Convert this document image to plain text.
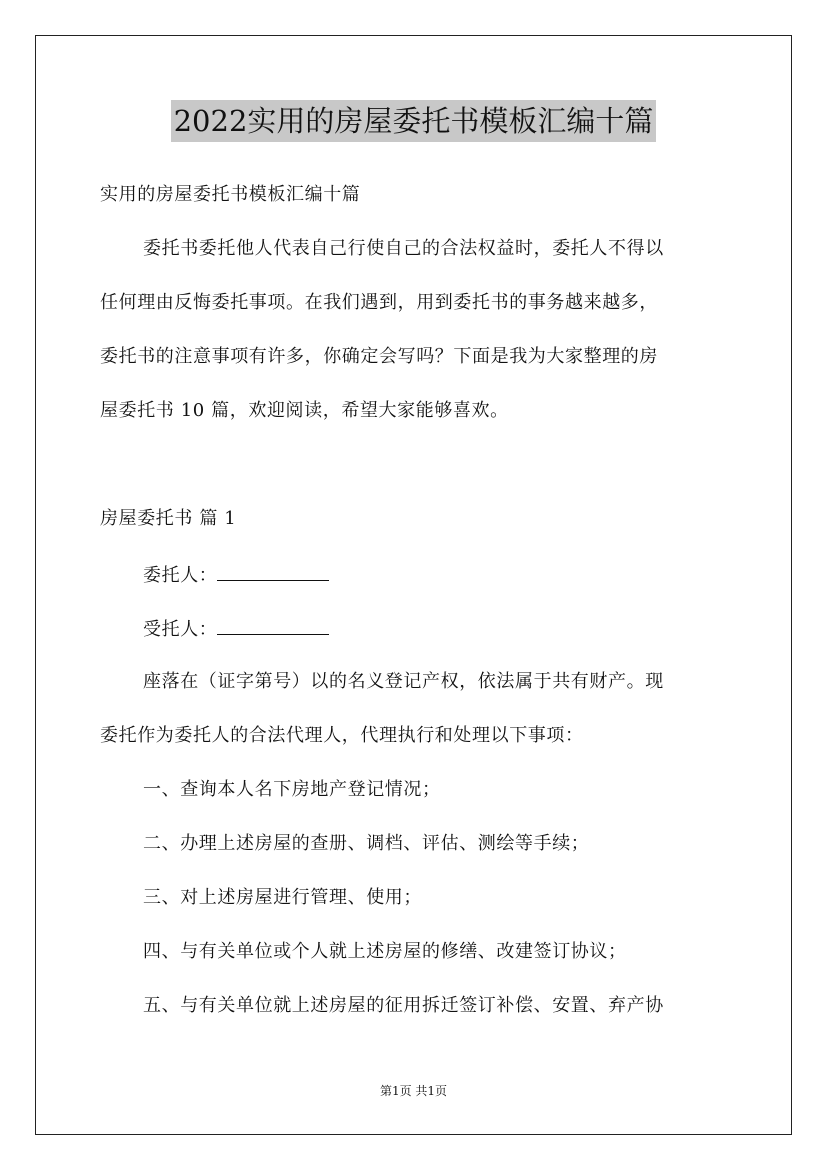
2022实用的房屋委托书模板汇编十篇
实用的房屋委托书模板汇编十篇
委托书委托他人代表自己行使自己的合法权益时，委托人不得以
任何理由反悔委托事项。在我们遇到，用到委托书的事务越来越多，
委托书的注意事项有许多，你确定会写吗？下面是我为大家整理的房
屋委托书 10 篇，欢迎阅读，希望大家能够喜欢。
房屋委托书 篇 1
委托人：
受托人：
座落在（证字第号）以的名义登记产权，依法属于共有财产。现
委托作为委托人的合法代理人，代理执行和处理以下事项：
一、查询本人名下房地产登记情况；
二、办理上述房屋的查册、调档、评估、测绘等手续；
三、对上述房屋进行管理、使用；
四、与有关单位或个人就上述房屋的修缮、改建签订协议；
五、与有关单位就上述房屋的征用拆迁签订补偿、安置、弃产协
第1页 共1页
